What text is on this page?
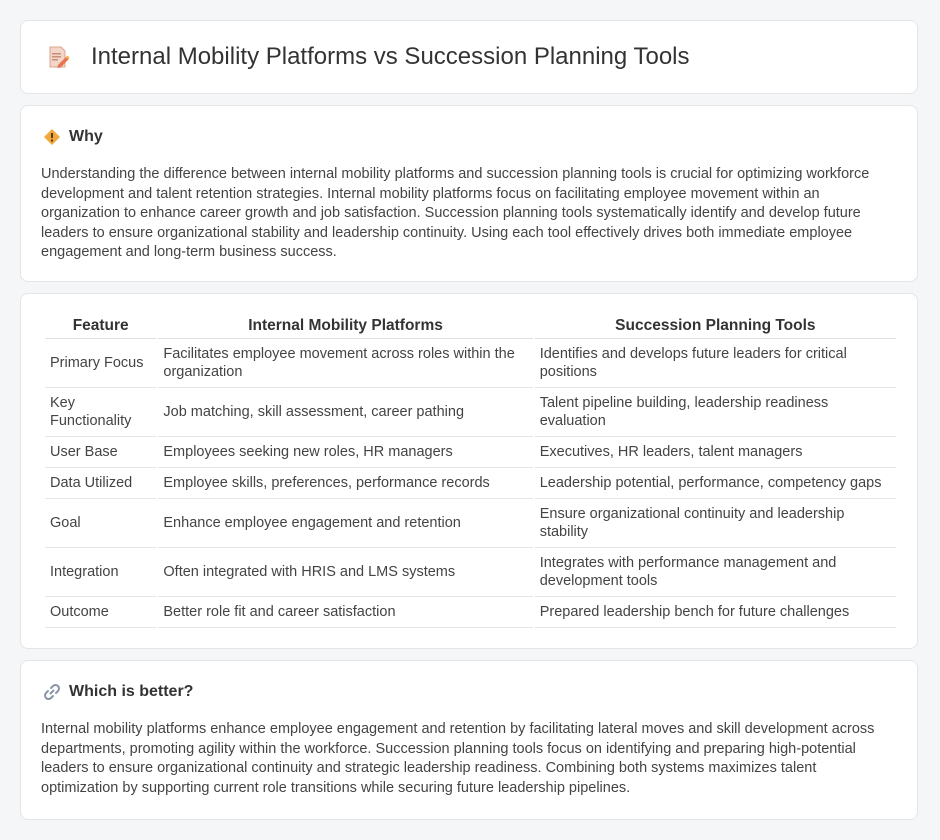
Internal Mobility Platforms vs Succession Planning Tools
Why
Understanding the difference between internal mobility platforms and succession planning tools is crucial for optimizing workforce development and talent retention strategies. Internal mobility platforms focus on facilitating employee movement within an organization to enhance career growth and job satisfaction. Succession planning tools systematically identify and develop future leaders to ensure organizational stability and leadership continuity. Using each tool effectively drives both immediate employee engagement and long-term business success.
Feature	Internal Mobility Platforms	Succession Planning Tools
Primary Focus	Facilitates employee movement across roles within the organization	Identifies and develops future leaders for critical positions
Key Functionality	Job matching, skill assessment, career pathing	Talent pipeline building, leadership readiness evaluation
User Base	Employees seeking new roles, HR managers	Executives, HR leaders, talent managers
Data Utilized	Employee skills, preferences, performance records	Leadership potential, performance, competency gaps
Goal	Enhance employee engagement and retention	Ensure organizational continuity and leadership stability
Integration	Often integrated with HRIS and LMS systems	Integrates with performance management and development tools
Outcome	Better role fit and career satisfaction	Prepared leadership bench for future challenges
Which is better?
Internal mobility platforms enhance employee engagement and retention by facilitating lateral moves and skill development across departments, promoting agility within the workforce. Succession planning tools focus on identifying and preparing high-potential leaders to ensure organizational continuity and strategic leadership readiness. Combining both systems maximizes talent optimization by supporting current role transitions while securing future leadership pipelines.
